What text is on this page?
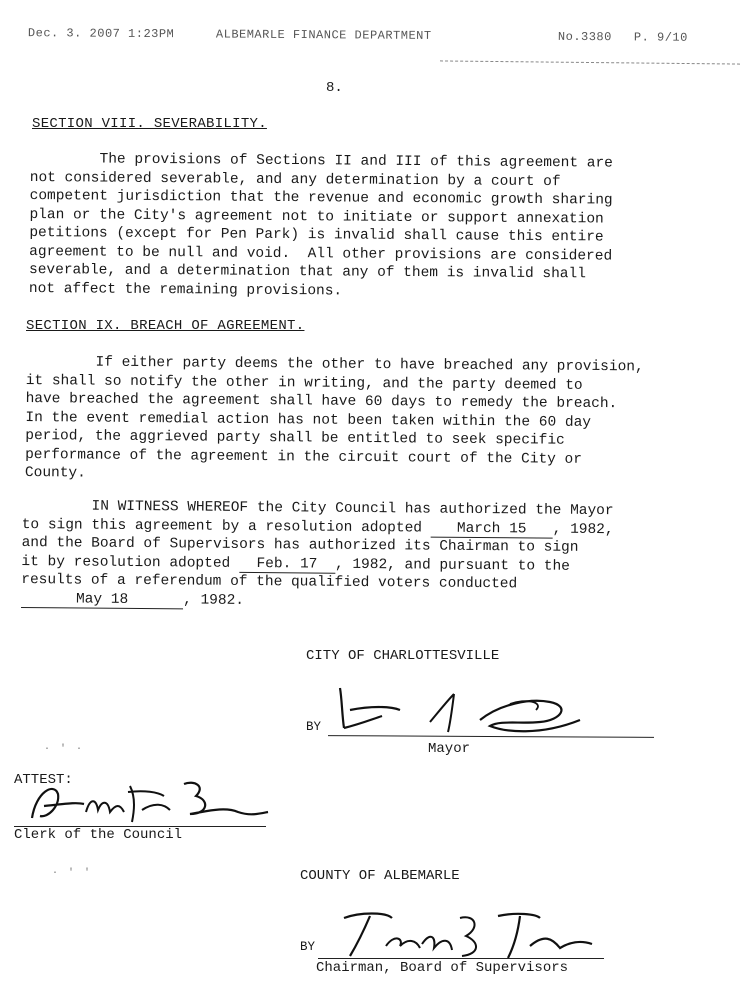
Dec. 3. 2007 1:23PM	ALBEMARLE FINANCE DEPARTMENT	No.3380 P. 9/10
8.
SECTION VIII. SEVERABILITY.
The provisions of Sections II and III of this agreement are
not considered severable, and any determination by a court of
competent jurisdiction that the revenue and economic growth sharing
plan or the City's agreement not to initiate or support annexation
petitions (except for Pen Park) is invalid shall cause this entire
agreement to be null and void.  All other provisions are considered
severable, and a determination that any of them is invalid shall
not affect the remaining provisions.
SECTION IX. BREACH OF AGREEMENT.
If either party deems the other to have breached any provision,
it shall so notify the other in writing, and the party deemed to
have breached the agreement shall have 60 days to remedy the breach.
In the event remedial action has not been taken within the 60 day
period, the aggrieved party shall be entitled to seek specific
performance of the agreement in the circuit court of the City or
County.
IN WITNESS WHEREOF the City Council has authorized the Mayor
to sign this agreement by a resolution adopted March 15 , 1982,
and the Board of Supervisors has authorized its Chairman to sign
it by resolution adopted Feb. 17 , 1982, and pursuant to the
results of a referendum of the qualified voters conducted
May 18	, 1982.
CITY OF CHARLOTTESVILLE
BY
Mayor
· ' ·
ATTEST:
Clerk of the Council
· ' '	COUNTY OF ALBEMARLE
BY
Chairman, Board of Supervisors
